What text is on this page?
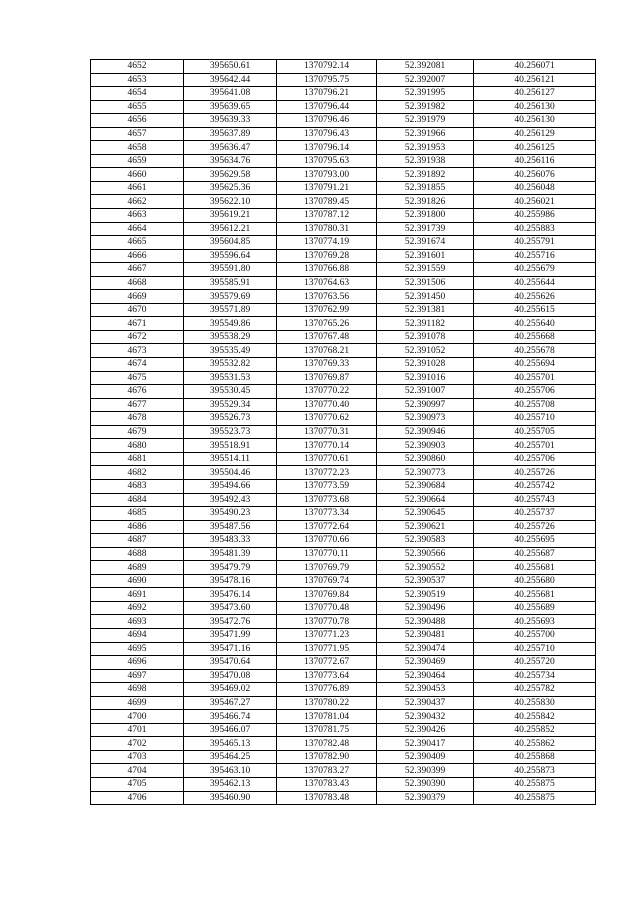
4652	395650.61	1370792.14	52.392081	40.256071
4653	395642.44	1370795.75	52.392007	40.256121
4654	395641.08	1370796.21	52.391995	40.256127
4655	395639.65	1370796.44	52.391982	40.256130
4656	395639.33	1370796.46	52.391979	40.256130
4657	395637.89	1370796.43	52.391966	40.256129
4658	395636.47	1370796.14	52.391953	40.256125
4659	395634.76	1370795.63	52.391938	40.256116
4660	395629.58	1370793.00	52.391892	40.256076
4661	395625.36	1370791.21	52.391855	40.256048
4662	395622.10	1370789.45	52.391826	40.256021
4663	395619.21	1370787.12	52.391800	40.255986
4664	395612.21	1370780.31	52.391739	40.255883
4665	395604.85	1370774.19	52.391674	40.255791
4666	395596.64	1370769.28	52.391601	40.255716
4667	395591.80	1370766.88	52.391559	40.255679
4668	395585.91	1370764.63	52.391506	40.255644
4669	395579.69	1370763.56	52.391450	40.255626
4670	395571.89	1370762.99	52.391381	40.255615
4671	395549.86	1370765.26	52.391182	40.255640
4672	395538.29	1370767.48	52.391078	40.255668
4673	395535.49	1370768.21	52.391052	40.255678
4674	395532.82	1370769.33	52.391028	40.255694
4675	395531.53	1370769.87	52.391016	40.255701
4676	395530.45	1370770.22	52.391007	40.255706
4677	395529.34	1370770.40	52.390997	40.255708
4678	395526.73	1370770.62	52.390973	40.255710
4679	395523.73	1370770.31	52.390946	40.255705
4680	395518.91	1370770.14	52.390903	40.255701
4681	395514.11	1370770.61	52.390860	40.255706
4682	395504.46	1370772.23	52.390773	40.255726
4683	395494.66	1370773.59	52.390684	40.255742
4684	395492.43	1370773.68	52.390664	40.255743
4685	395490.23	1370773.34	52.390645	40.255737
4686	395487.56	1370772.64	52.390621	40.255726
4687	395483.33	1370770.66	52.390583	40.255695
4688	395481.39	1370770.11	52.390566	40.255687
4689	395479.79	1370769.79	52.390552	40.255681
4690	395478.16	1370769.74	52.390537	40.255680
4691	395476.14	1370769.84	52.390519	40.255681
4692	395473.60	1370770.48	52.390496	40.255689
4693	395472.76	1370770.78	52.390488	40.255693
4694	395471.99	1370771.23	52.390481	40.255700
4695	395471.16	1370771.95	52.390474	40.255710
4696	395470.64	1370772.67	52.390469	40.255720
4697	395470.08	1370773.64	52.390464	40.255734
4698	395469.02	1370776.89	52.390453	40.255782
4699	395467.27	1370780.22	52.390437	40.255830
4700	395466.74	1370781.04	52.390432	40.255842
4701	395466.07	1370781.75	52.390426	40.255852
4702	395465.13	1370782.48	52.390417	40.255862
4703	395464.25	1370782.90	52.390409	40.255868
4704	395463.10	1370783.27	52.390399	40.255873
4705	395462.13	1370783.43	52.390390	40.255875
4706	395460.90	1370783.48	52.390379	40.255875
